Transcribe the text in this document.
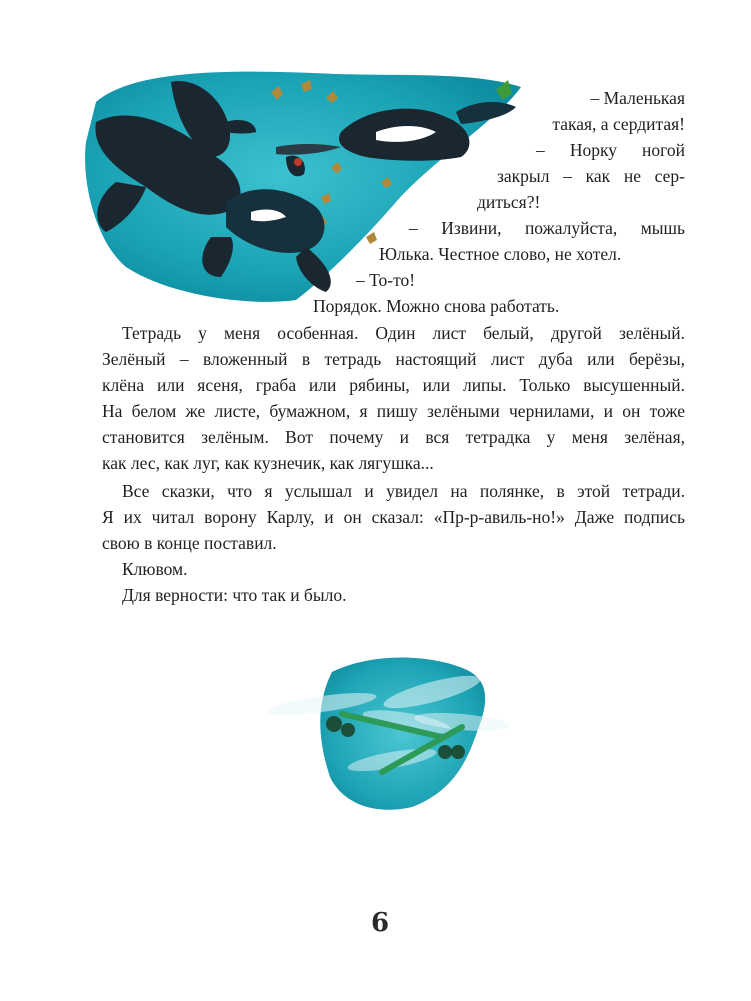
– Маленькая
такая, а сердитая!
– Норку ногой
закрыл – как не сер-
диться?!
– Извини, пожалуйста, мышь
Юлька. Честное слово, не хотел.
– То-то!
Порядок. Можно снова работать.
Тетрадь у меня особенная. Один лист белый, другой зелёный.
Зелёный – вложенный в тетрадь настоящий лист дуба или берёзы,
клёна или ясеня, граба или рябины, или липы. Только высушенный.
На белом же листе, бумажном, я пишу зелёными чернилами, и он тоже
становится зелёным. Вот почему и вся тетрадка у меня зелёная,
как лес, как луг, как кузнечик, как лягушка...
Все сказки, что я услышал и увидел на полянке, в этой тетради.
Я их читал ворону Карлу, и он сказал: «Пр-р-авиль-но!» Даже подпись
свою в конце поставил.
Клювом.
Для верности: что так и было.
6
